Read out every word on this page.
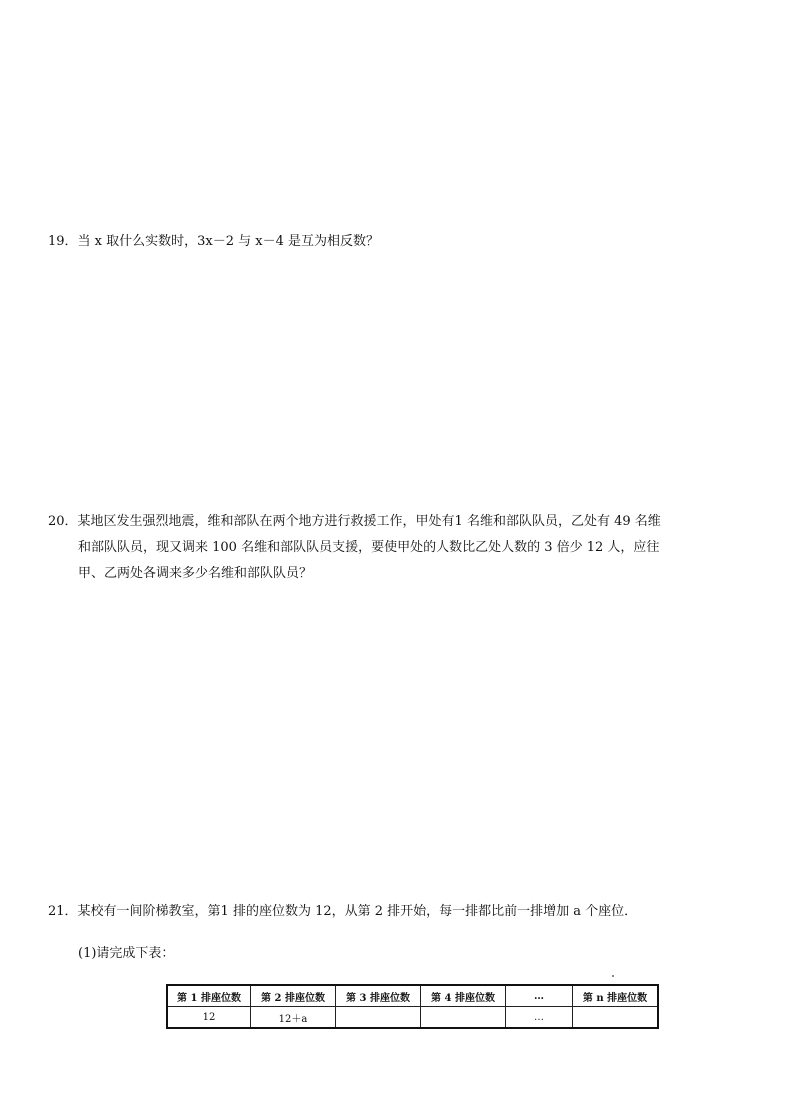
19．当 x 取什么实数时，3x－2 与 x－4 是互为相反数？
20．某地区发生强烈地震，维和部队在两个地方进行救援工作，甲处有1 名维和部队队员，乙处有 49 名维
和部队队员，现又调来 100 名维和部队队员支援，要使甲处的人数比乙处人数的 3 倍少 12 人，应往
甲、乙两处各调来多少名维和部队队员？
21．某校有一间阶梯教室，第1 排的座位数为 12，从第 2 排开始，每一排都比前一排增加 a 个座位．
(1)请完成下表：
第 1 排座位数	第 2 排座位数	第 3 排座位数	第 4 排座位数	…	第 n 排座位数
12	12＋a			…	
